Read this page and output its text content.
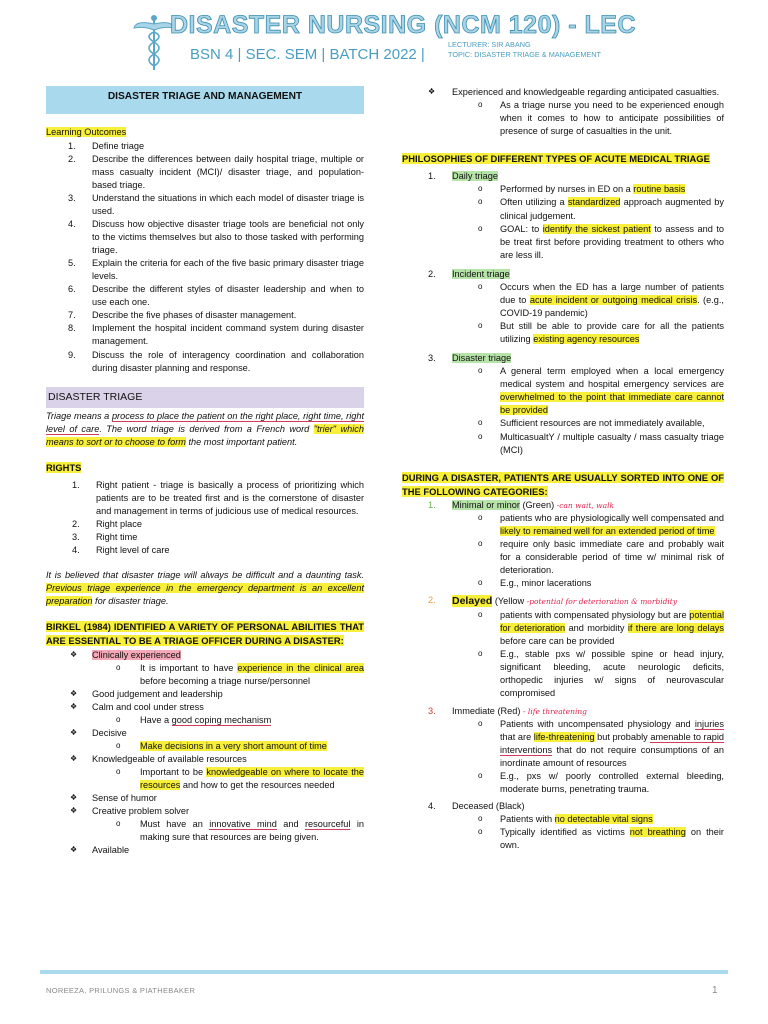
DISASTER NURSING (NCM 120) - LEC
BSN 4 | SEC. SEM | BATCH 2022 |
LECTURER: SIR ABANG
TOPIC: DISASTER TRIAGE & MANAGEMENT
DISASTER TRIAGE AND MANAGEMENT
Learning Outcomes
1. Define triage
2. Describe the differences between daily hospital triage, multiple or mass casualty incident (MCI)/ disaster triage, and population-based triage.
3. Understand the situations in which each model of disaster triage is used.
4. Discuss how objective disaster triage tools are beneficial not only to the victims themselves but also to those tasked with performing triage.
5. Explain the criteria for each of the five basic primary disaster triage levels.
6. Describe the different styles of disaster leadership and when to use each one.
7. Describe the five phases of disaster management.
8. Implement the hospital incident command system during disaster management.
9. Discuss the role of interagency coordination and collaboration during disaster planning and response.
DISASTER TRIAGE

Triage means a process to place the patient on the right place, right time, right level of care. The word triage is derived from a French word "trier" which means to sort or to choose to form the most important patient.

RIGHTS
1. Right patient - triage is basically a process of prioritizing which patients are to be treated first and is the cornerstone of disaster and management in terms of judicious use of medical resources.
2. Right place
3. Right time
4. Right level of care

It is believed that disaster triage will always be difficult and a daunting task. Previous triage experience in the emergency department is an excellent preparation for disaster triage.

BIRKEL (1984) IDENTIFIED A VARIETY OF PERSONAL ABILITIES THAT ARE ESSENTIAL TO BE A TRIAGE OFFICER DURING A DISASTER:

❖ Clinically experienced
o It is important to have experience in the clinical area before becoming a triage nurse/personnel
❖ Good judgement and leadership
❖ Calm and cool under stress
o Have a good coping mechanism
❖ Decisive
o Make decisions in a very short amount of time
❖ Knowledgeable of available resources
o Important to be knowledgeable on where to locate the resources and how to get the resources needed
❖ Sense of humor
❖ Creative problem solver
o Must have an innovative mind and resourceful in making sure that resources are being given.
❖ Available
❖ Experienced and knowledgeable regarding anticipated casualties.
o As a triage nurse you need to be experienced enough when it comes to how to anticipate possibilities of presence of surge of casualties in the unit.

PHILOSOPHIES OF DIFFERENT TYPES OF ACUTE MEDICAL TRIAGE

1. Daily triage
o Performed by nurses in ED on a routine basis
o Often utilizing a standardized approach augmented by clinical judgement.
o GOAL: to identify the sickest patient to assess and to be treat first before providing treatment to others who are less ill.
2. Incident triage
o Occurs when the ED has a large number of patients due to acute incident or outgoing medical crisis. (e.g., COVID-19 pandemic)
o But still be able to provide care for all the patients utilizing existing agency resources
3. Disaster triage
o A general term employed when a local emergency medical system and hospital emergency services are overwhelmed to the point that immediate care cannot be provided
o Sufficient resources are not immediately available,
o MulticasualtY / multiple casualty / mass casualty triage (MCI)

DURING A DISASTER, PATIENTS ARE USUALLY SORTED INTO ONE OF THE FOLLOWING CATEGORIES:

1. Minimal or minor (Green) -can wait, walk
o patients who are physiologically well compensated and likely to remained well for an extended period of time
o require only basic immediate care and probably wait for a considerable period of time w/ minimal risk of deterioration.
o E.g., minor lacerations
2. Delayed (Yellow -potential for deterioration & morbidity
o patients with compensated physiology but are potential for deterioration and morbidity if there are long delays before care can be provided
o E.g., stable pxs w/ possible spine or head injury, significant bleeding, acute neurologic deficits, orthopedic injuries w/ signs of neurovascular compromised
3. Immediate (Red) - life threatening
o Patients with uncompensated physiology and injuries that are life-threatening but probably amenable to rapid interventions that do not require consumptions of an inordinate amount of resources
o E.g., pxs w/ poorly controlled external bleeding, moderate burns, penetrating trauma.
4. Deceased (Black)
o Patients with no detectable vital signs
o Typically identified as victims not breathing on their own.
NOREEZA, PRILUNGS & PIATHEBAKER	1
